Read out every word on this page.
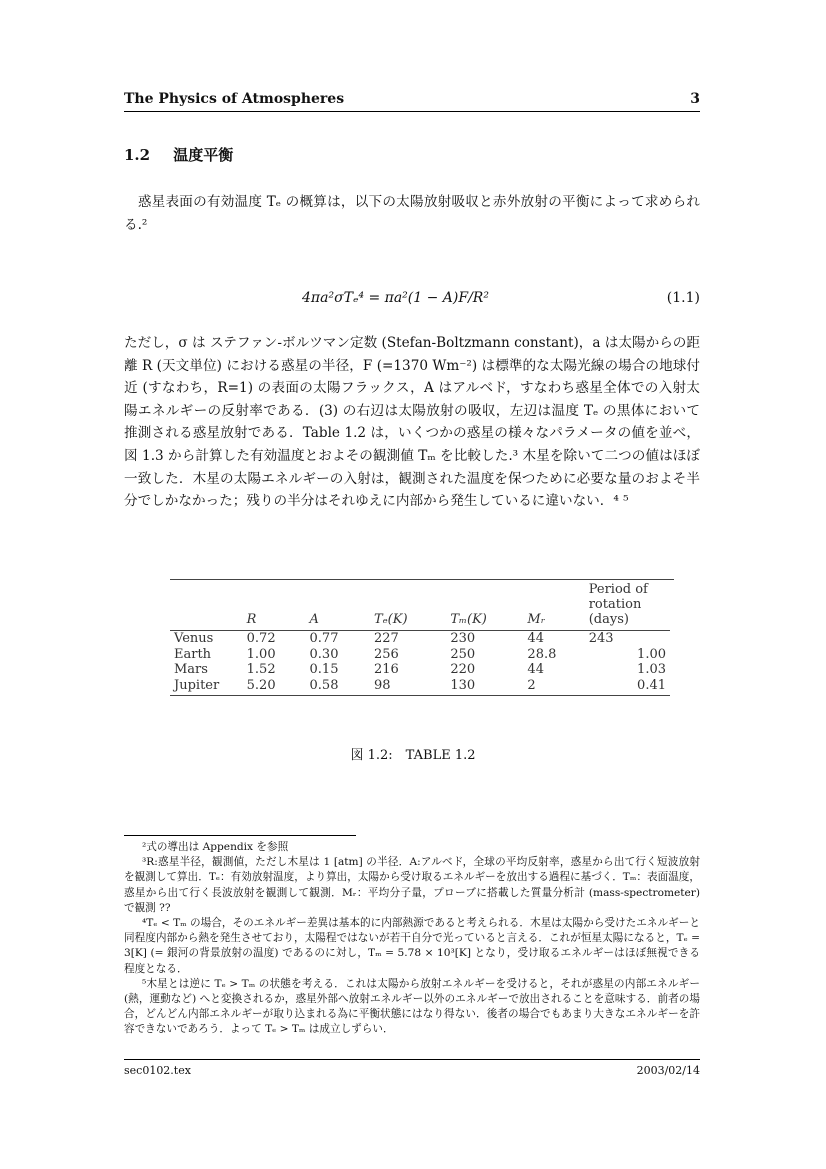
The Physics of Atmospheres	3
1.2 温度平衡
　惑星表面の有効温度 Tₑ の概算は，以下の太陽放射吸収と赤外放射の平衡によって求められる.²
4πa²σTₑ⁴ = πa²(1 − A)F/R²	(1.1)
ただし，σ は ステファン-ボルツマン定数 (Stefan-Boltzmann constant)，a は太陽からの距離 R (天文単位) における惑星の半径，F (=1370 Wm⁻²) は標準的な太陽光線の場合の地球付近 (すなわち，R=1) の表面の太陽フラックス，A はアルベド，すなわち惑星全体での入射太陽エネルギーの反射率である．(3) の右辺は太陽放射の吸収，左辺は温度 Tₑ の黒体において推測される惑星放射である．Table 1.2 は，いくつかの惑星の様々なパラメータの値を並べ，図 1.3 から計算した有効温度とおよその観測値 Tₘ を比較した.³ 木星を除いて二つの値はほぼ一致した．木星の太陽エネルギーの入射は，観測された温度を保つために必要な量のおよそ半分でしかなかった；残りの半分はそれゆえに内部から発生しているに違いない．⁴ ⁵
	R	A	Tₑ(K)	Tₘ(K)	Mᵣ	Period of rotation (days)
Venus	0.72	0.77	227	230	44	243
Earth	1.00	0.30	256	250	28.8	1.00
Mars	1.52	0.15	216	220	44	1.03
Jupiter	5.20	0.58	98	130	2	0.41
図 1.2:　TABLE 1.2

²式の導出は Appendix を参照

³R:惑星半径，観測値，ただし木星は 1 [atm] の半径．A:アルベド，全球の平均反射率，惑星から出て行く短波放射を観測して算出．Tₑ：有効放射温度，より算出，太陽から受け取るエネルギーを放出する過程に基づく．Tₘ：表面温度，惑星から出て行く長波放射を観測して観測．Mᵣ：平均分子量，プローブに搭載した質量分析計 (mass-spectrometer) で観測 ??

⁴Tₑ < Tₘ の場合，そのエネルギー差異は基本的に内部熱源であると考えられる．木星は太陽から受けたエネルギーと同程度内部から熱を発生させており，太陽程ではないが若干自分で光っていると言える．これが恒星太陽になると，Tₑ = 3[K] (= 銀河の背景放射の温度) であるのに対し，Tₘ = 5.78 × 10³[K] となり，受け取るエネルギーはほぼ無視できる程度となる．

⁵木星とは逆に Tₑ > Tₘ の状態を考える．これは太陽から放射エネルギーを受けると，それが惑星の内部エネルギー (熱，運動など) へと変換されるか，惑星外部へ放射エネルギー以外のエネルギーで放出されることを意味する．前者の場合，どんどん内部エネルギーが取り込まれる為に平衡状態にはなり得ない．後者の場合でもあまり大きなエネルギーを許容できないであろう．よって Tₑ > Tₘ は成立しずらい．

sec0102.tex	2003/02/14
